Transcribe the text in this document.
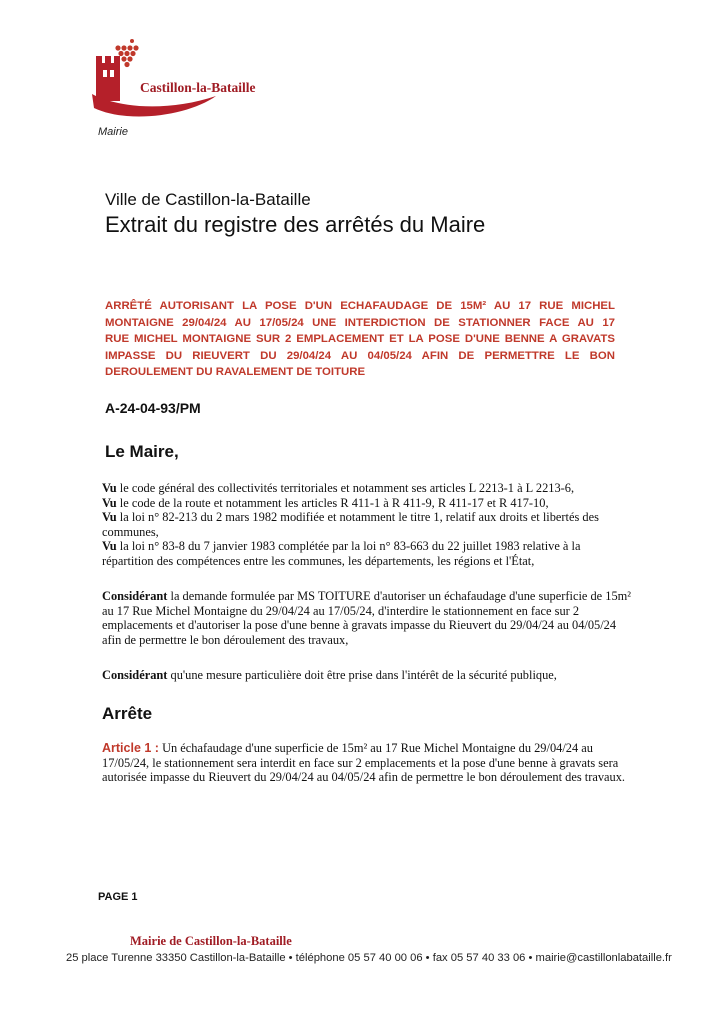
Castillon-la-Bataille
Mairie
Ville de Castillon-la-Bataille
Extrait du registre des arrêtés du Maire
ARRÊTÉ AUTORISANT LA POSE D'UN ECHAFAUDAGE DE 15M² AU 17 RUE MICHEL
MONTAIGNE 29/04/24 AU 17/05/24 UNE INTERDICTION DE STATIONNER FACE AU 17
RUE MICHEL MONTAIGNE SUR 2 EMPLACEMENT ET LA POSE D'UNE BENNE A GRAVATS
IMPASSE DU RIEUVERT DU 29/04/24 AU 04/05/24 AFIN DE PERMETTRE LE BON
DEROULEMENT DU RAVALEMENT DE TOITURE
A-24-04-93/PM
Le Maire,

Vu le code général des collectivités territoriales et notamment ses articles L 2213-1 à L 2213-6,

Vu le code de la route et notamment les articles R 411-1 à R 411-9, R 411-17 et R 417-10,

Vu la loi n° 82-213 du 2 mars 1982 modifiée et notamment le titre 1, relatif aux droits et libertés des communes,

Vu la loi n° 83-8 du 7 janvier 1983 complétée par la loi n° 83-663 du 22 juillet 1983 relative à la répartition des compétences entre les communes, les départements, les régions et l'État,

Considérant la demande formulée par MS TOITURE d'autoriser un échafaudage d'une superficie de 15m² au 17 Rue Michel Montaigne du 29/04/24 au 17/05/24, d'interdire le stationnement en face sur 2 emplacements et d'autoriser la pose d'une benne à gravats impasse du Rieuvert du 29/04/24 au 04/05/24 afin de permettre le bon déroulement des travaux,

Considérant qu'une mesure particulière doit être prise dans l'intérêt de la sécurité publique,
Arrête
Article 1 : Un échafaudage d'une superficie de 15m² au 17 Rue Michel Montaigne du 29/04/24 au 17/05/24, le stationnement sera interdit en face sur 2 emplacements et la pose d'une benne à gravats sera autorisée impasse du Rieuvert du 29/04/24 au 04/05/24 afin de permettre le bon déroulement des travaux.
PAGE 1
Mairie de Castillon-la-Bataille
25 place Turenne 33350 Castillon-la-Bataille • téléphone 05 57 40 00 06 • fax 05 57 40 33 06 • mairie@castillonlabataille.fr
